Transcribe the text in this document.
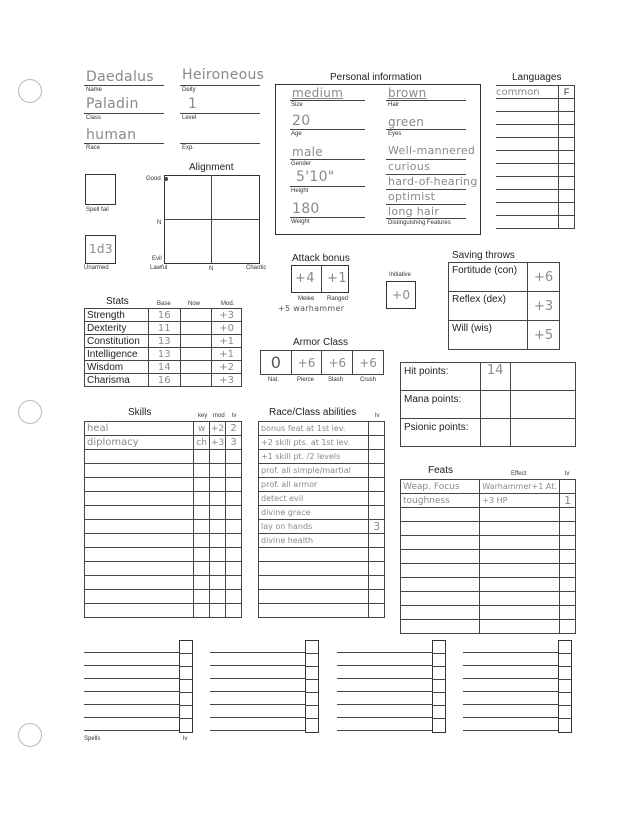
Daedalus
Name
Heironeous
Deity
Paladin
Class
1
Level
human
Race	Exp.
Personal information
medium
Size
brown
Hair
20
Age
green
Eyes
male
Gender
5'10"
Height
180
Weight
Well-mannered
curious
hard-of-hearing
optimist
long hair
Distinguishing Features
Languages
common	F

Alignment
Good
N
Evil
Lawful	N	Chaotic
Spell fail
1d3
Unarmed
Attack bonus
+4 +1
Melee Ranged
+5 warhammer
Initiative
+0
Saving throws
Fortitude (con)	+6
Reflex (dex)	+3
Will (wis)	+5
Stats	Base	Now	Mod.
Strength	16		+3
Dexterity	11		+0
Constitution	13		+1
Intelligence	13		+1
Wisdom	14		+2
Charisma	16		+3
Armor Class
0	+6	+6	+6
Nat.	Pierce Slash	Crush
Hit points:	14	
Mana points:		
Psionic points:		
Skills	key mod lv
heal	w	+2	2
diplomacy	ch	+3	3

Race/Class abilities	lv
bonus feat at 1st lev.	
+2 skill pts. at 1st lev.	
+1 skill pt. /2 levels	
prof. all simple/martial	
prof. all armor	
detect evil	
divine grace	
lay on hands	3
divine health	

Feats	Effect	lv
Weap. Focus	Warhammer+1 At.	
toughness	+3 HP	1

Spells	lv
